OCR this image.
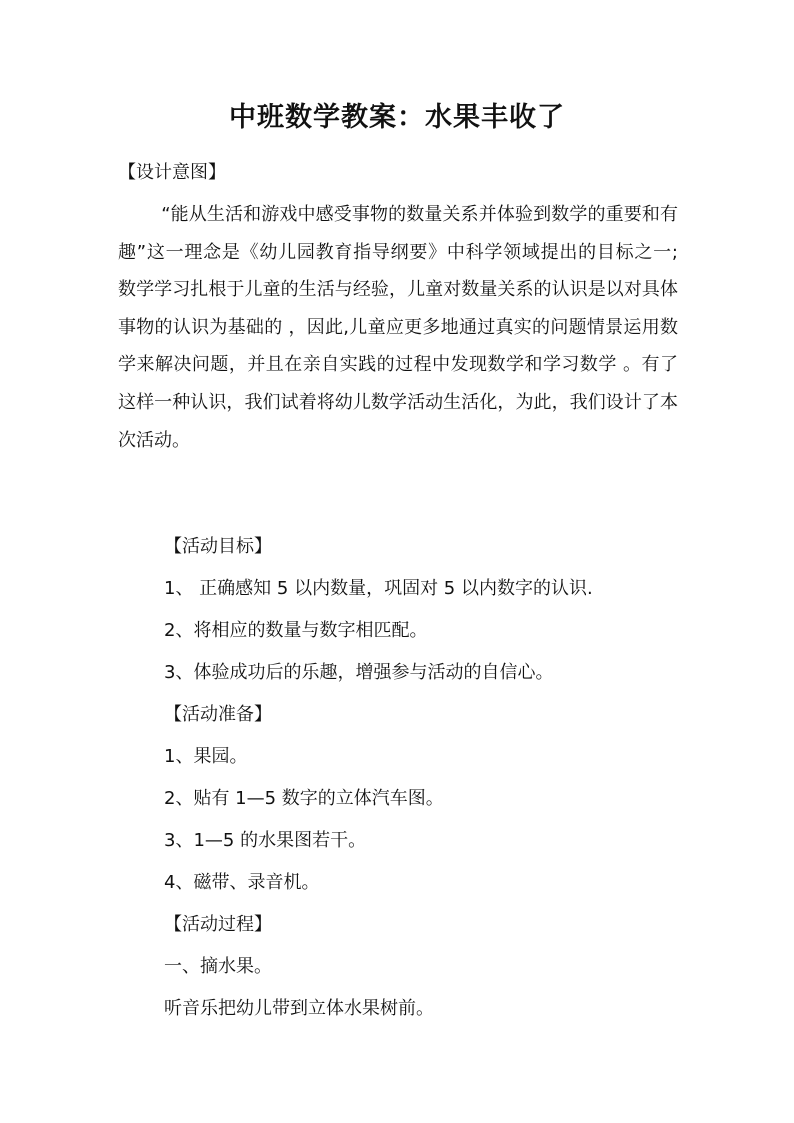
中班数学教案：水果丰收了
【设计意图】

“能从生活和游戏中感受事物的数量关系并体验到数学的重要和有趣”这一理念是《幼儿园教育指导纲要》中科学领域提出的目标之一; 数学学习扎根于儿童的生活与经验，儿童对数量关系的认识是以对具体事物的认识为基础的 ，因此,儿童应更多地通过真实的问题情景运用数学来解决问题，并且在亲自实践的过程中发现数学和学习数学 。有了这样一种认识，我们试着将幼儿数学活动生活化，为此，我们设计了本次活动。

【活动目标】
1、 正确感知 5 以内数量，巩固对 5 以内数字的认识.
2、将相应的数量与数字相匹配。
3、体验成功后的乐趣，增强参与活动的自信心。
【活动准备】
1、果园。
2、贴有 1—5 数字的立体汽车图。
3、1—5 的水果图若干。
4、磁带、录音机。
【活动过程】
一、摘水果。
听音乐把幼儿带到立体水果树前。
